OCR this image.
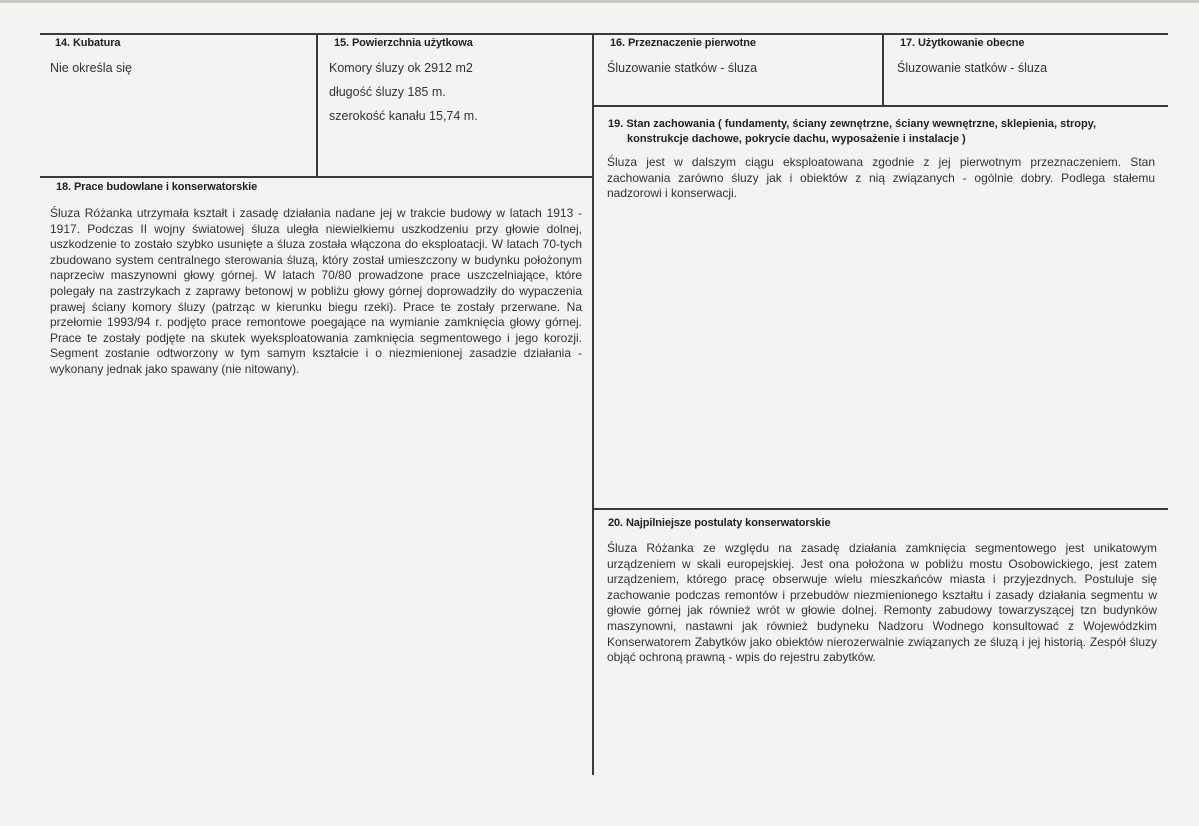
14. Kubatura
Nie określa się
15. Powierzchnia użytkowa
Komory śluzy ok 2912 m2
długość śluzy 185 m.
szerokość kanału 15,74 m.
16. Przeznaczenie pierwotne
Śluzowanie statków - śluza
17. Użytkowanie obecne
Śluzowanie statków - śluza
19. Stan zachowania ( fundamenty, ściany zewnętrzne, ściany wewnętrzne, sklepienia, stropy,
konstrukcje dachowe, pokrycie dachu, wyposażenie i instalacje )

Śluza jest w dalszym ciągu eksploatowana zgodnie z jej pierwotnym przeznaczeniem. Stan zachowania zarówno śluzy jak i obiektów z nią związanych - ogólnie dobry. Podlega stałemu nadzorowi i konserwacji.

18. Prace budowlane i konserwatorskie

Śluza Różanka utrzymała kształt i zasadę działania nadane jej w trakcie budowy w latach 1913 - 1917. Podczas II wojny światowej śluza uległa niewielkiemu uszkodzeniu przy głowie dolnej, uszkodzenie to zostało szybko usunięte a śluza została włączona do eksploatacji. W latach 70-tych zbudowano system centralnego sterowania śluzą, który został umieszczony w budynku położonym naprzeciw maszynowni głowy górnej. W latach 70/80 prowadzone prace uszczelniające, które polegały na zastrzykach z zaprawy betonowj w pobliżu głowy górnej doprowadziły do wypaczenia prawej ściany komory śluzy (patrząc w kierunku biegu rzeki). Prace te zostały przerwane. Na przełomie 1993/94 r. podjęto prace remontowe poegające na wymianie zamknięcia głowy górnej. Prace te zostały podjęte na skutek wyeksploatowania zamknięcia segmentowego i jego korozji. Segment zostanie odtworzony w tym samym kształcie i o niezmienionej zasadzie działania - wykonany jednak jako spawany (nie nitowany).

20. Najpilniejsze postulaty konserwatorskie

Śluza Różanka ze względu na zasadę działania zamknięcia segmentowego jest unikatowym urządzeniem w skali europejskiej. Jest ona położona w pobliżu mostu Osobowickiego, jest zatem urządzeniem, którego pracę obserwuje wielu mieszkańców miasta i przyjezdnych. Postuluje się zachowanie podczas remontów i przebudów niezmienionego kształtu i zasady działania segmentu w głowie górnej jak również wrót w głowie dolnej. Remonty zabudowy towarzyszącej tzn budynków maszynowni, nastawni jak również budyneku Nadzoru Wodnego konsultować z Wojewódzkim Konserwatorem Zabytków jako obiektów nierozerwalnie związanych ze śluzą i jej historią. Zespół śluzy objąć ochroną prawną - wpis do rejestru zabytków.
